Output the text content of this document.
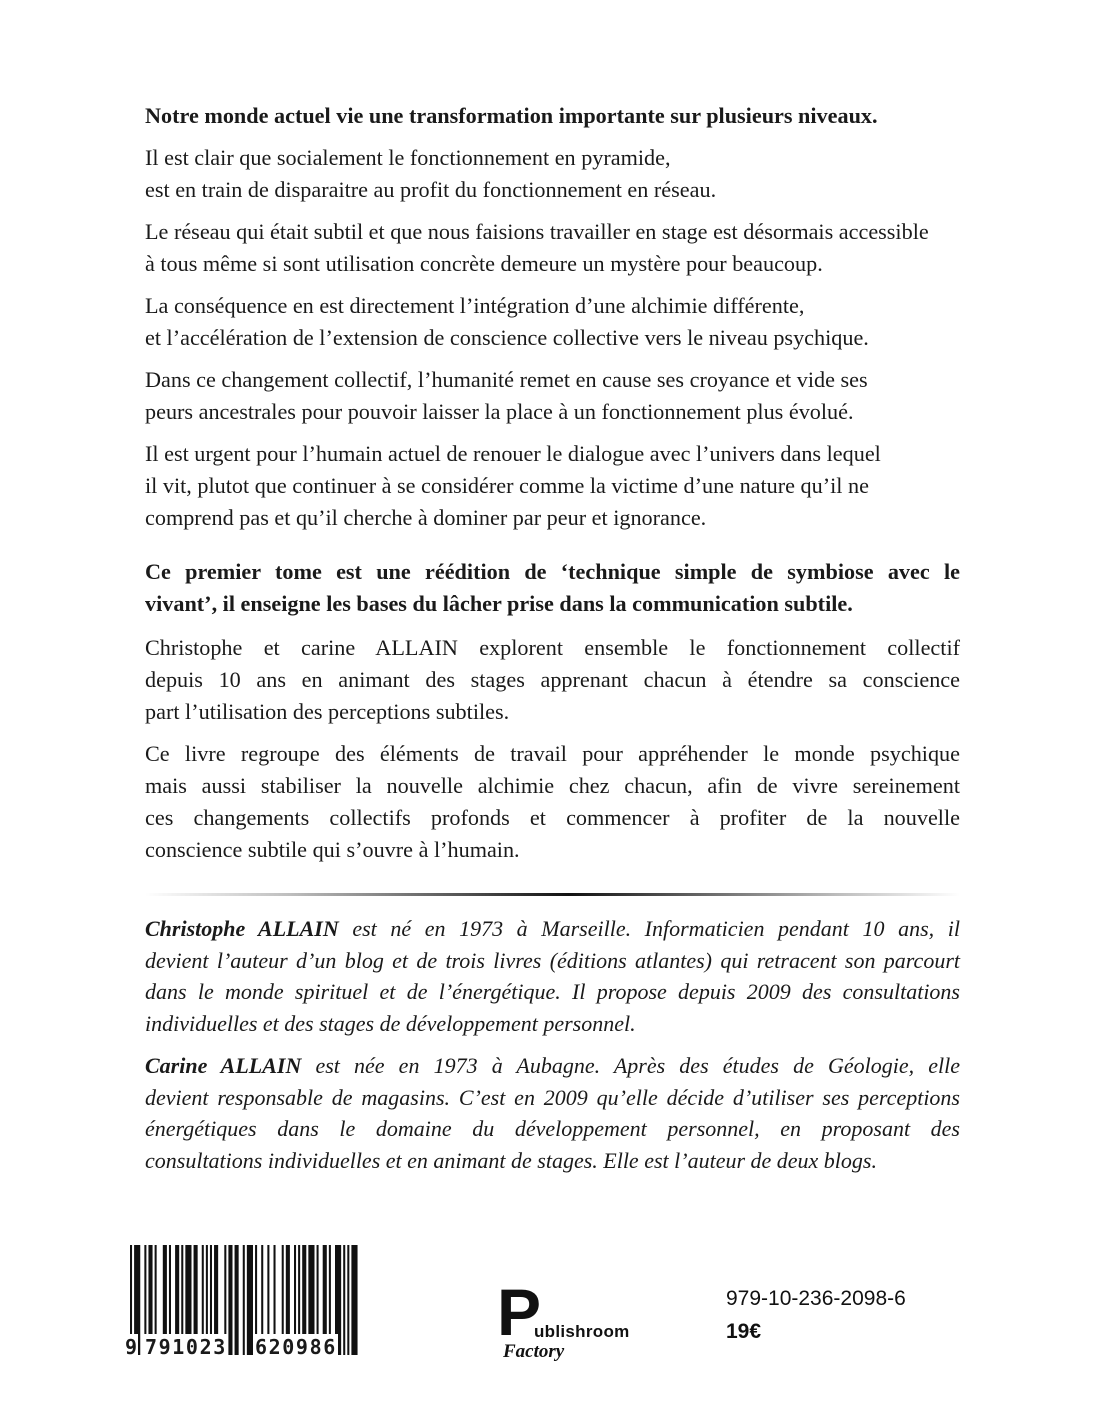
Notre monde actuel vie une transformation importante sur plusieurs niveaux.

Il est clair que socialement le fonctionnement en pyramide,
est en train de disparaitre au profit du fonctionnement en réseau.

Le réseau qui était subtil et que nous faisions travailler en stage est désormais accessible
à tous même si sont utilisation concrète demeure un mystère pour beaucoup.

La conséquence en est directement l’intégration d’une alchimie différente,
et l’accélération de l’extension de conscience collective vers le niveau psychique.

Dans ce changement collectif, l’humanité remet en cause ses croyance et vide ses
peurs ancestrales pour pouvoir laisser la place à un fonctionnement plus évolué.

Il est urgent pour l’humain actuel de renouer le dialogue avec l’univers dans lequel
il vit, plutot que continuer à se considérer comme la victime d’une nature qu’il ne
comprend pas et qu’il cherche à dominer par peur et ignorance.

Ce premier tome est une réédition de ‘technique simple de symbiose avec le
vivant’, il enseigne les bases du lâcher prise dans la communication subtile.

Christophe et carine ALLAIN explorent ensemble le fonctionnement collectif
depuis 10 ans en animant des stages apprenant chacun à étendre sa conscience
part l’utilisation des perceptions subtiles.

Ce livre regroupe des éléments de travail pour appréhender le monde psychique
mais aussi stabiliser la nouvelle alchimie chez chacun, afin de vivre sereinement
ces changements collectifs profonds et commencer à profiter de la nouvelle
conscience subtile qui s’ouvre à l’humain.

Christophe ALLAIN est né en 1973 à Marseille. Informaticien pendant 10 ans, il
devient l’auteur d’un blog et de trois livres (éditions atlantes) qui retracent son parcourt
dans le monde spirituel et de l’énergétique. Il propose depuis 2009 des consultations
individuelles et des stages de développement personnel.

Carine ALLAIN est née en 1973 à Aubagne. Après des études de Géologie, elle
devient responsable de magasins. C’est en 2009 qu’elle décide d’utiliser ses perceptions
énergétiques dans le domaine du développement personnel, en proposant des
consultations individuelles et en animant de stages. Elle est l’auteur de deux blogs.

9 791023 620986 P
ublishroom
Factory
979-10-236-2098-6
19€
